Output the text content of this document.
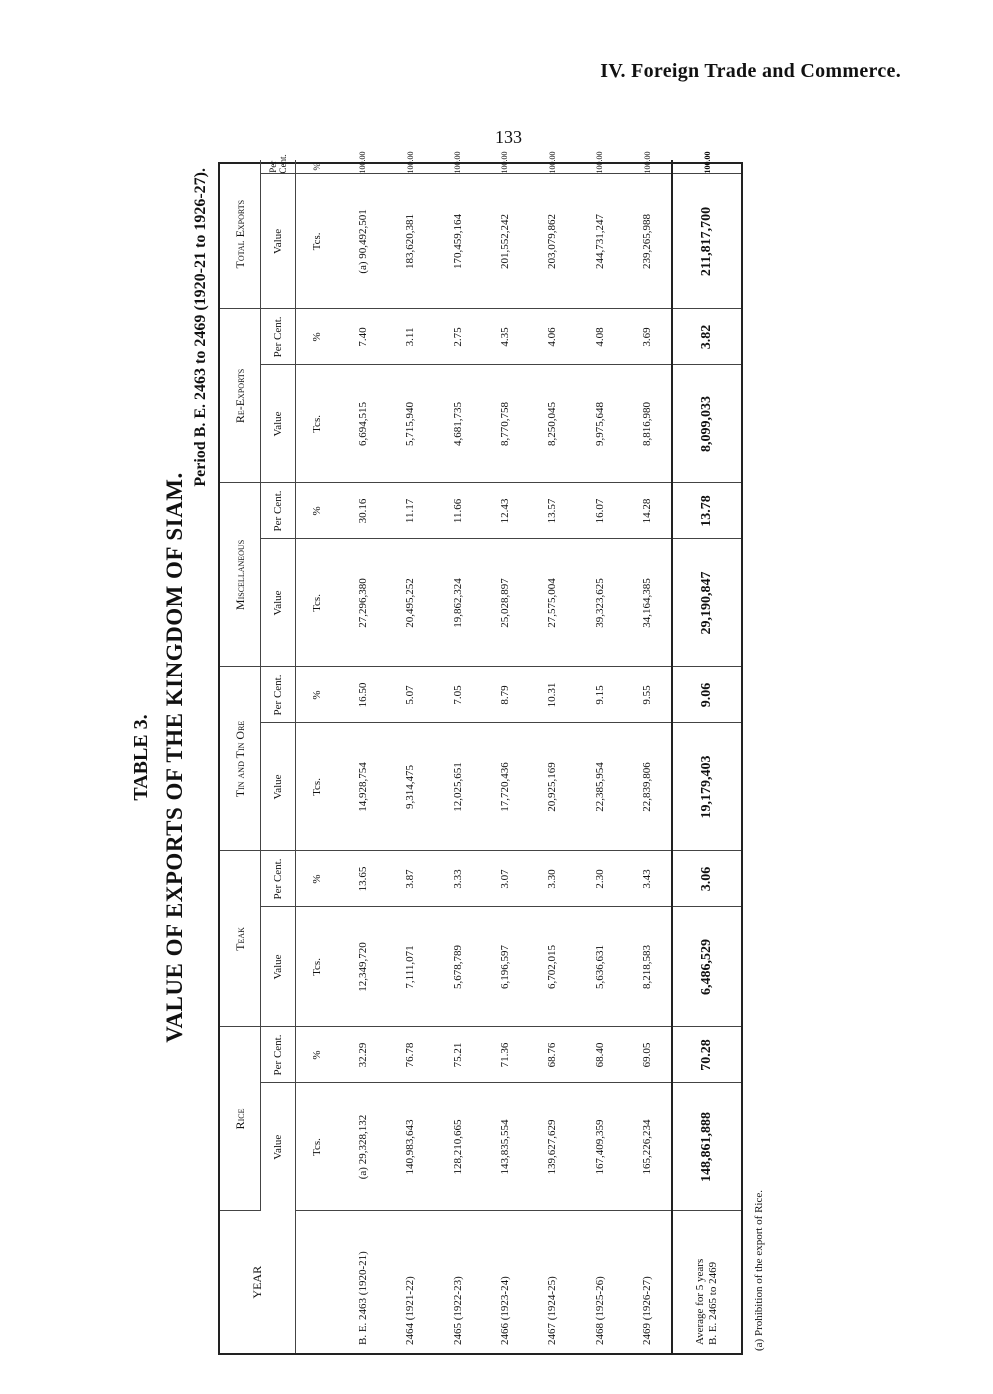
IV. Foreign Trade and Commerce.
133
TABLE 3. VALUE OF EXPORTS OF THE KINGDOM OF SIAM.
Period B. E. 2463 to 2469 (1920-21 to 1926-27).
YEAR	Rice		Teak		Tin and Tin Ore		Miscellaneous		Re-Exports		Total Exports	
	Value	Per Cent.	Value	Per Cent.	Value	Per Cent.	Value	Per Cent.	Value	Per Cent.	Value	Per Cent.
	Tcs.	%	Tcs.	%	Tcs.	%	Tcs.	%	Tcs.	%	Tcs.	%
B. E. 2463 (1920-21)	(a) 29,328,132	32.29	12,349,720	13.65	14,928,754	16.50	27,296,380	30.16	6,694,515	7.40	(a) 90,492,501	100.00
2464 (1921-22)	140,983,643	76.78	7,111,071	3.87	9,314,475	5.07	20,495,252	11.17	5,715,940	3.11	183,620,381	100.00
2465 (1922-23)	128,210,665	75.21	5,678,789	3.33	12,025,651	7.05	19,862,324	11.66	4,681,735	2.75	170,459,164	100.00
2466 (1923-24)	143,835,554	71.36	6,196,597	3.07	17,720,436	8.79	25,028,897	12.43	8,770,758	4.35	201,552,242	100.00
2467 (1924-25)	139,627,629	68.76	6,702,015	3.30	20,925,169	10.31	27,575,004	13.57	8,250,045	4.06	203,079,862	100.00
2468 (1925-26)	167,409,359	68.40	5,636,631	2.30	22,385,954	9.15	39,323,625	16.07	9,975,648	4.08	244,731,247	100.00
2469 (1926-27)	165,226,234	69.05	8,218,583	3.43	22,839,806	9.55	34,164,385	14.28	8,816,980	3.69	239,265,988	100.00

Average for 5 years B. E. 2465 to 2469	148,861,888	70.28	6,486,529	3.06	19,179,403	9.06	29,190,847	13.78	8,099,033	3.82	211,817,700	100.00
(a) Prohibition of the export of Rice.
